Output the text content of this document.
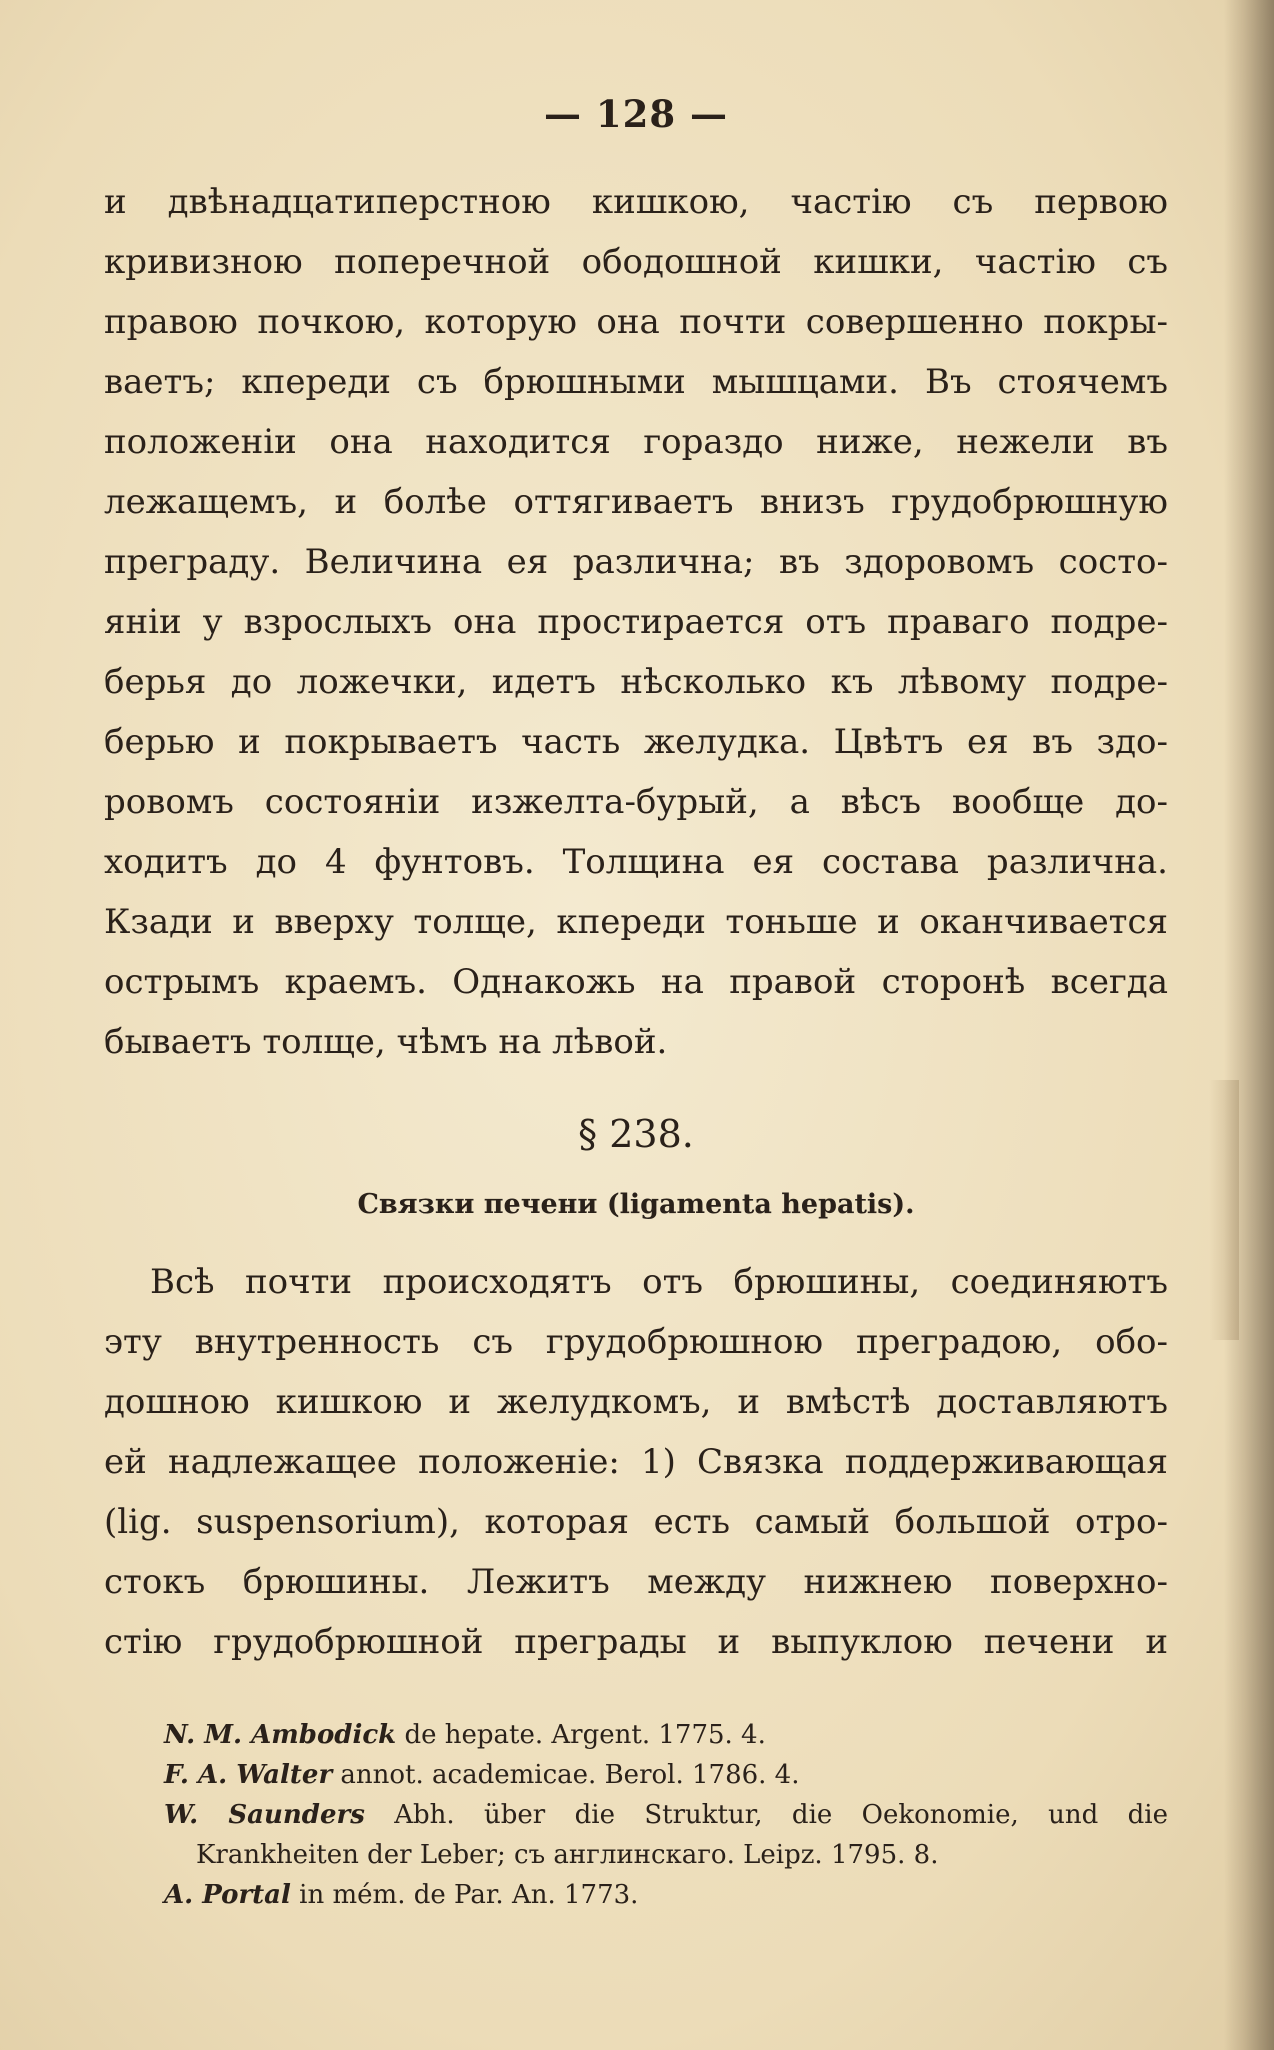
— 128 —
и двѣнадцатиперстною кишкою, частію съ первою
кривизною поперечной ободошной кишки, частію съ
правою почкою, которую она почти совершенно покры-
ваетъ; кпереди съ брюшными мышцами. Въ стоячемъ
положеніи она находится гораздо ниже, нежели въ
лежащемъ, и болѣе оттягиваетъ внизъ грудобрюшную
преграду. Величина ея различна; въ здоровомъ состо-
яніи у взрослыхъ она простирается отъ праваго подре-
берья до ложечки, идетъ нѣсколько къ лѣвому подре-
берью и покрываетъ часть желудка. Цвѣтъ ея въ здо-
ровомъ состояніи изжелта-бурый, а вѣсъ вообще до-
ходитъ до 4 фунтовъ. Толщина ея состава различна.
Кзади и вверху толще, кпереди тоньше и оканчивается
острымъ краемъ. Однакожь на правой сторонѣ всегда
бываетъ толще, чѣмъ на лѣвой.
§ 238.
Связки печени (ligamenta hepatis).
Всѣ почти происходятъ отъ брюшины, соединяютъ
эту внутренность съ грудобрюшною преградою, обо-
дошною кишкою и желудкомъ, и вмѣстѣ доставляютъ
ей надлежащее положеніе: 1) Связка поддерживающая
(lig. suspensorium), которая есть самый большой отро-
стокъ брюшины. Лежитъ между нижнею поверхно-
стію грудобрюшной преграды и выпуклою печени и
N. M. Ambodick de hepate. Argent. 1775. 4.
F. A. Walter annot. academicae. Berol. 1786. 4.
W. Saunders Abh. über die Struktur, die Oekonomie, und die
Krankheiten der Leber; съ англинскаго. Leipz. 1795. 8.
A. Portal in mém. de Par. An. 1773.
